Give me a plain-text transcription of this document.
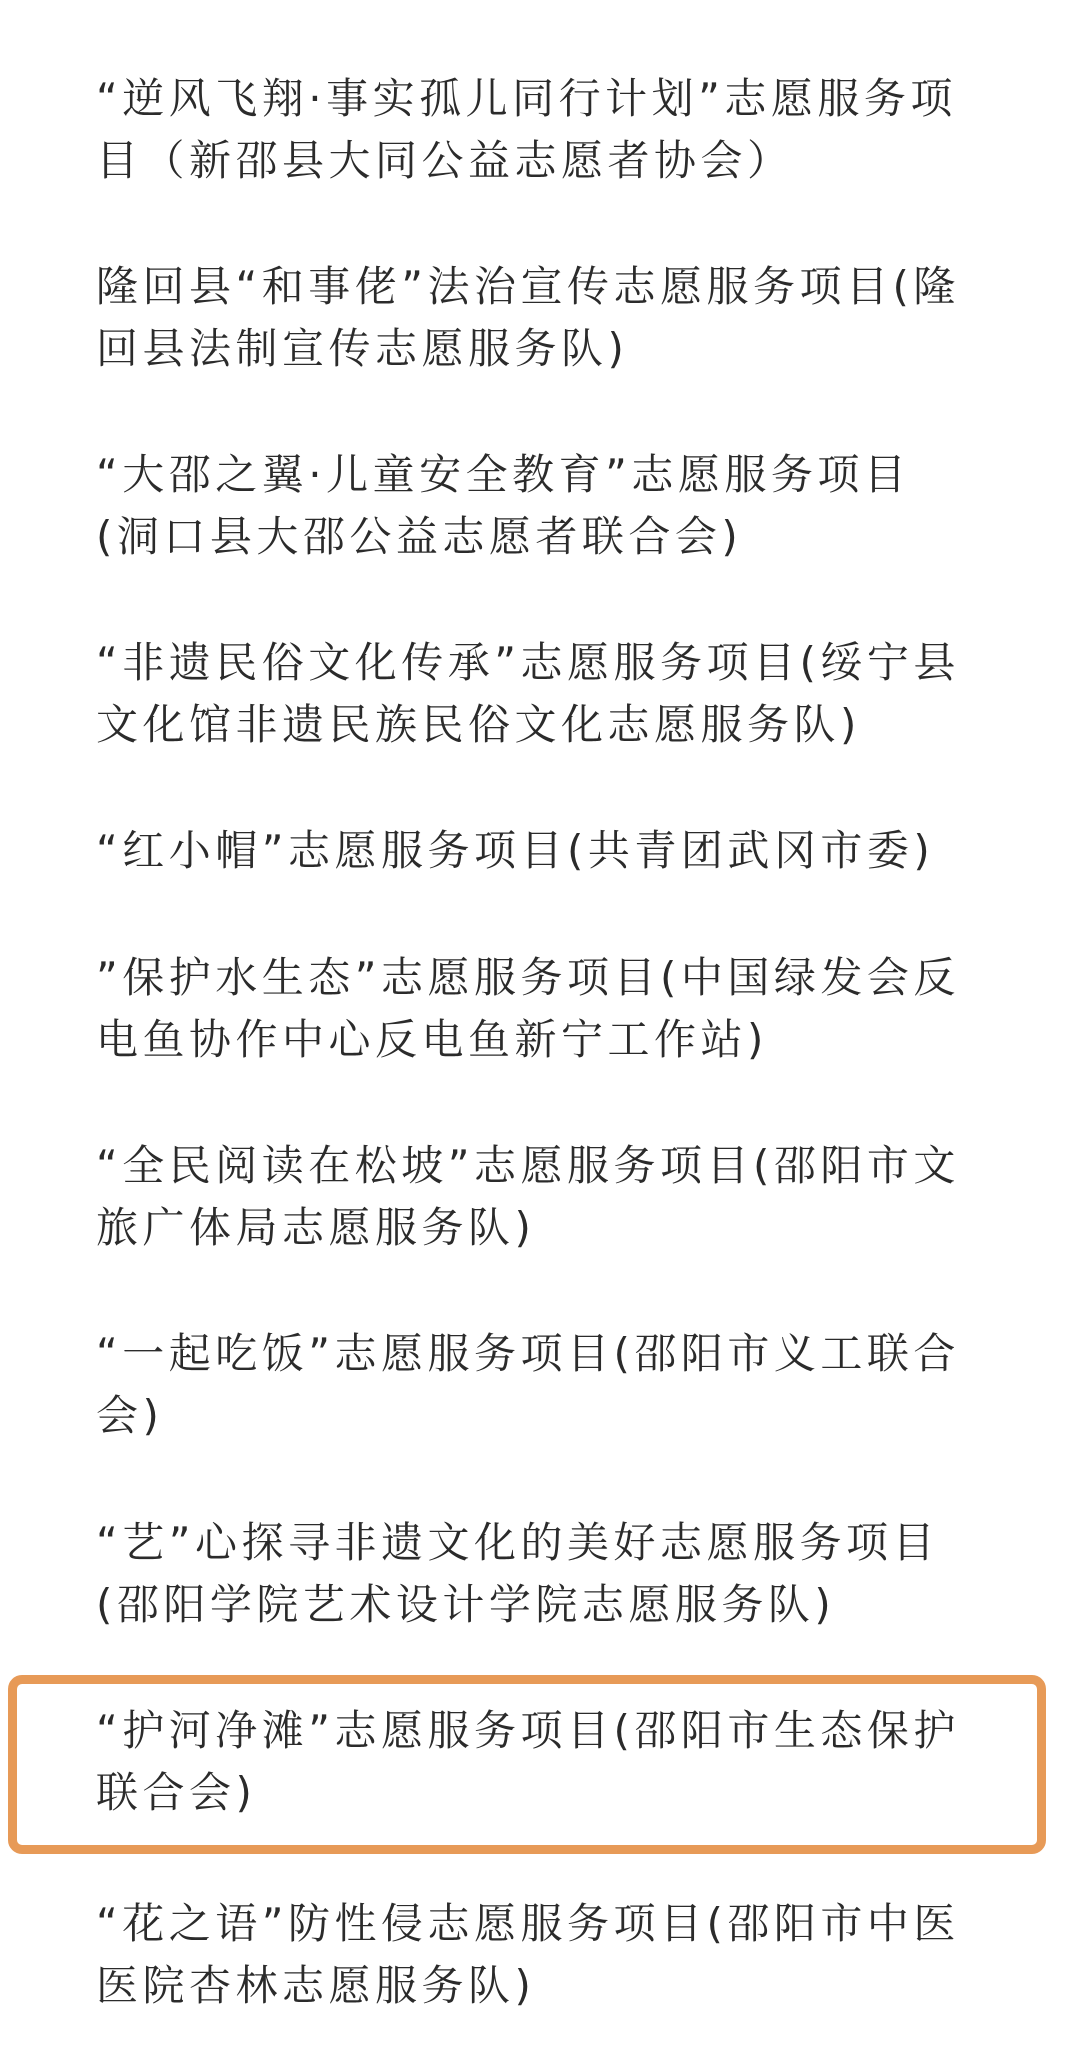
“逆风飞翔·事实孤儿同行计划”志愿服务项
目（新邵县大同公益志愿者协会）
隆回县“和事佬”法治宣传志愿服务项目(隆
回县法制宣传志愿服务队)
“大邵之翼·儿童安全教育”志愿服务项目
(洞口县大邵公益志愿者联合会)
“非遗民俗文化传承”志愿服务项目(绥宁县
文化馆非遗民族民俗文化志愿服务队)
“红小帽”志愿服务项目(共青团武冈市委)
”保护水生态”志愿服务项目(中国绿发会反
电鱼协作中心反电鱼新宁工作站)
“全民阅读在松坡”志愿服务项目(邵阳市文
旅广体局志愿服务队)
“一起吃饭”志愿服务项目(邵阳市义工联合
会)
“艺”心探寻非遗文化的美好志愿服务项目
(邵阳学院艺术设计学院志愿服务队)
“护河净滩”志愿服务项目(邵阳市生态保护
联合会)
“花之语”防性侵志愿服务项目(邵阳市中医
医院杏林志愿服务队)
